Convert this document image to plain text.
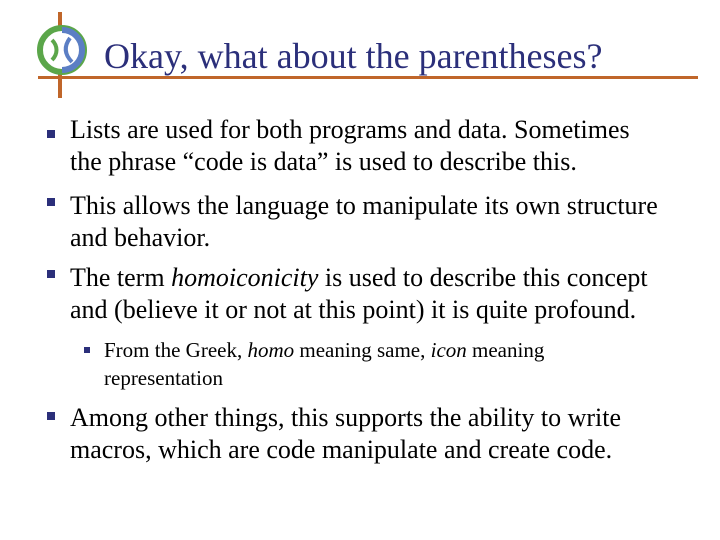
Okay, what about the parentheses?
Lists are used for both programs and data. Sometimes
the phrase “code is data” is used to describe this.
This allows the language to manipulate its own structure
and behavior.
The term homoiconicity is used to describe this concept
and (believe it or not at this point) it is quite profound.
From the Greek, homo meaning same, icon meaning
representation
Among other things, this supports the ability to write
macros, which are code manipulate and create code.
